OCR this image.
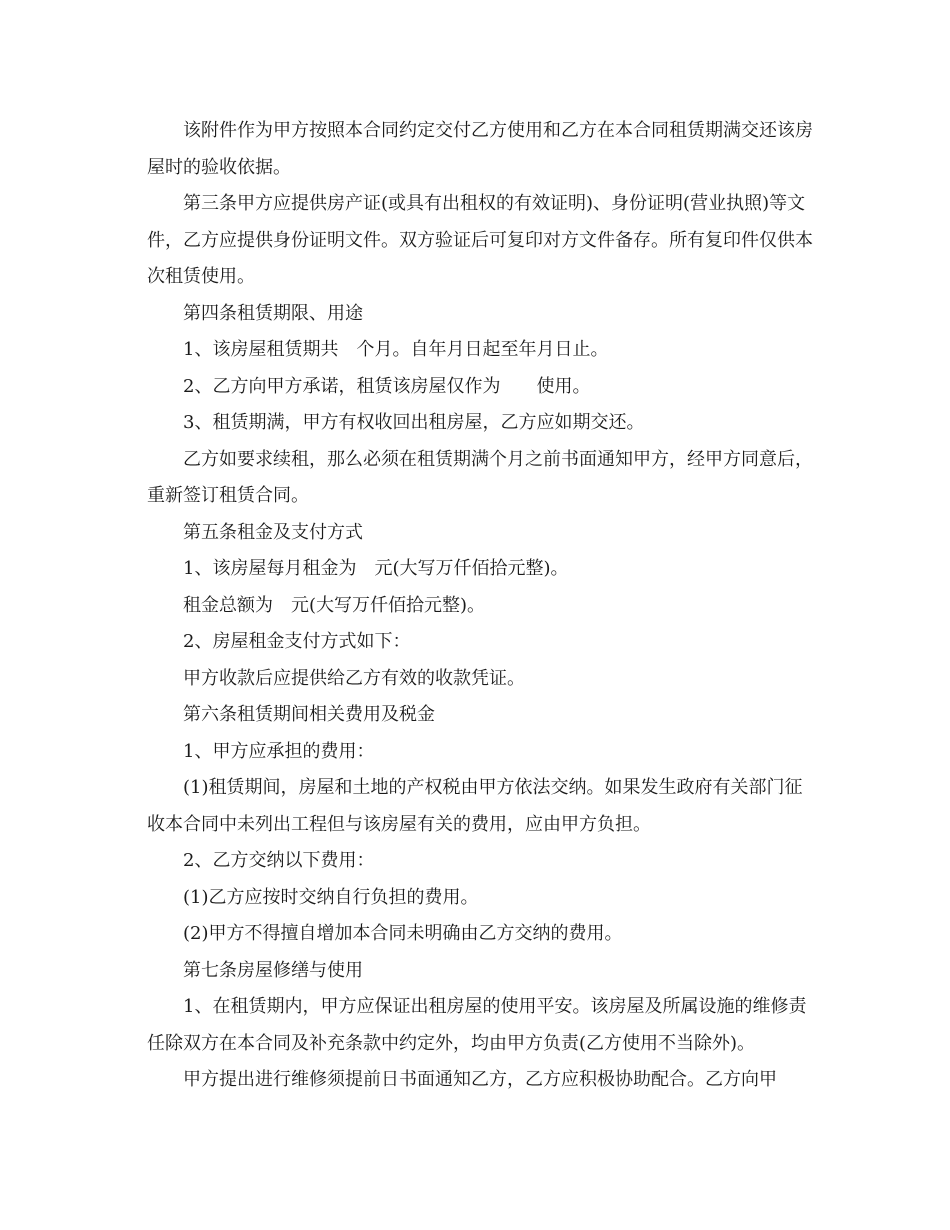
该附件作为甲方按照本合同约定交付乙方使用和乙方在本合同租赁期满交还该房屋时的验收依据。

第三条甲方应提供房产证(或具有出租权的有效证明)、身份证明(营业执照)等文件，乙方应提供身份证明文件。双方验证后可复印对方文件备存。所有复印件仅供本次租赁使用。

第四条租赁期限、用途

1、该房屋租赁期共　个月。自年月日起至年月日止。

2、乙方向甲方承诺，租赁该房屋仅作为　　使用。

3、租赁期满，甲方有权收回出租房屋，乙方应如期交还。

乙方如要求续租，那么必须在租赁期满个月之前书面通知甲方，经甲方同意后，重新签订租赁合同。

第五条租金及支付方式

1、该房屋每月租金为　元(大写万仟佰拾元整)。

租金总额为　元(大写万仟佰拾元整)。

2、房屋租金支付方式如下：

甲方收款后应提供给乙方有效的收款凭证。

第六条租赁期间相关费用及税金

1、甲方应承担的费用：

(1)租赁期间，房屋和土地的产权税由甲方依法交纳。如果发生政府有关部门征收本合同中未列出工程但与该房屋有关的费用，应由甲方负担。

2、乙方交纳以下费用：

(1)乙方应按时交纳自行负担的费用。

(2)甲方不得擅自增加本合同未明确由乙方交纳的费用。

第七条房屋修缮与使用

1、在租赁期内，甲方应保证出租房屋的使用平安。该房屋及所属设施的维修责任除双方在本合同及补充条款中约定外，均由甲方负责(乙方使用不当除外)。

甲方提出进行维修须提前日书面通知乙方，乙方应积极协助配合。乙方向甲
